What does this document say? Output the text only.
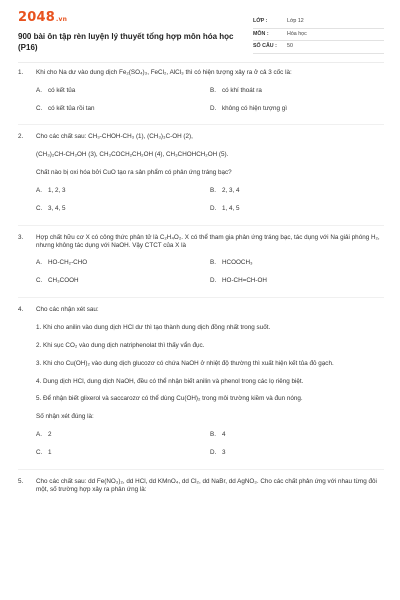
2048.vn
900 bài ôn tập rèn luyện lý thuyết tổng hợp môn hóa học (P16)
LỚP :	Lớp 12
MÔN :	Hóa học
SỐ CÂU :	50
1.	Khi cho Na dư vào dung dịch Fe₂(SO₄)₃, FeCl₂, AlCl₃ thì có hiện tượng xảy ra ở cả 3 cốc là:

A. có kết tủa	B. có khí thoát ra
C. có kết tủa rồi tan	D. không có hiện tượng gì
2.	Cho các chất sau: CH₃-CHOH-CH₃ (1), (CH₃)₃C-OH (2),

(CH₃)₂CH-CH₂OH (3), CH₃COCH₂CH₂OH (4), CH₃CHOHCH₂OH (5).

Chất nào bị oxi hóa bởi CuO tạo ra sản phẩm có phản ứng tráng bạc?

A. 1, 2, 3	B. 2, 3, 4
C. 3, 4, 5	D. 1, 4, 5
3.	Hợp chất hữu cơ X có công thức phân tử là C₂H₄O₂. X có thể tham gia phản ứng tráng bạc, tác dụng với Na giải phóng H₂, nhưng không tác dụng với NaOH. Vậy CTCT của X là

A. HO-CH₂-CHO	B. HCOOCH₃
C. CH₃COOH	D. HO-CH=CH-OH
4.	Cho các nhận xét sau:

1. Khi cho anilin vào dung dịch HCl dư thì tạo thành dung dịch đồng nhất trong suốt.

2. Khi sục CO₂ vào dung dịch natriphenolat thì thấy vẩn đục.

3. Khi cho Cu(OH)₂ vào dung dịch glucozơ có chứa NaOH ở nhiệt độ thường thì xuất hiện kết tủa đỏ gạch.

4. Dung dịch HCl, dung dịch NaOH, đều có thể nhận biết anilin và phenol trong các lọ riêng biệt.

5. Để nhận biết glixerol và saccarozơ có thể dùng Cu(OH)₂ trong môi trường kiềm và đun nóng.

Số nhận xét đúng là:

A. 2	B. 4
C. 1	D. 3
5.	Cho các chất sau: dd Fe(NO₃)₂, dd HCl, dd KMnO₄, dd Cl₂, dd NaBr, dd AgNO₃. Cho các chất phản ứng với nhau từng đôi một, số trường hợp xảy ra phản ứng là:
